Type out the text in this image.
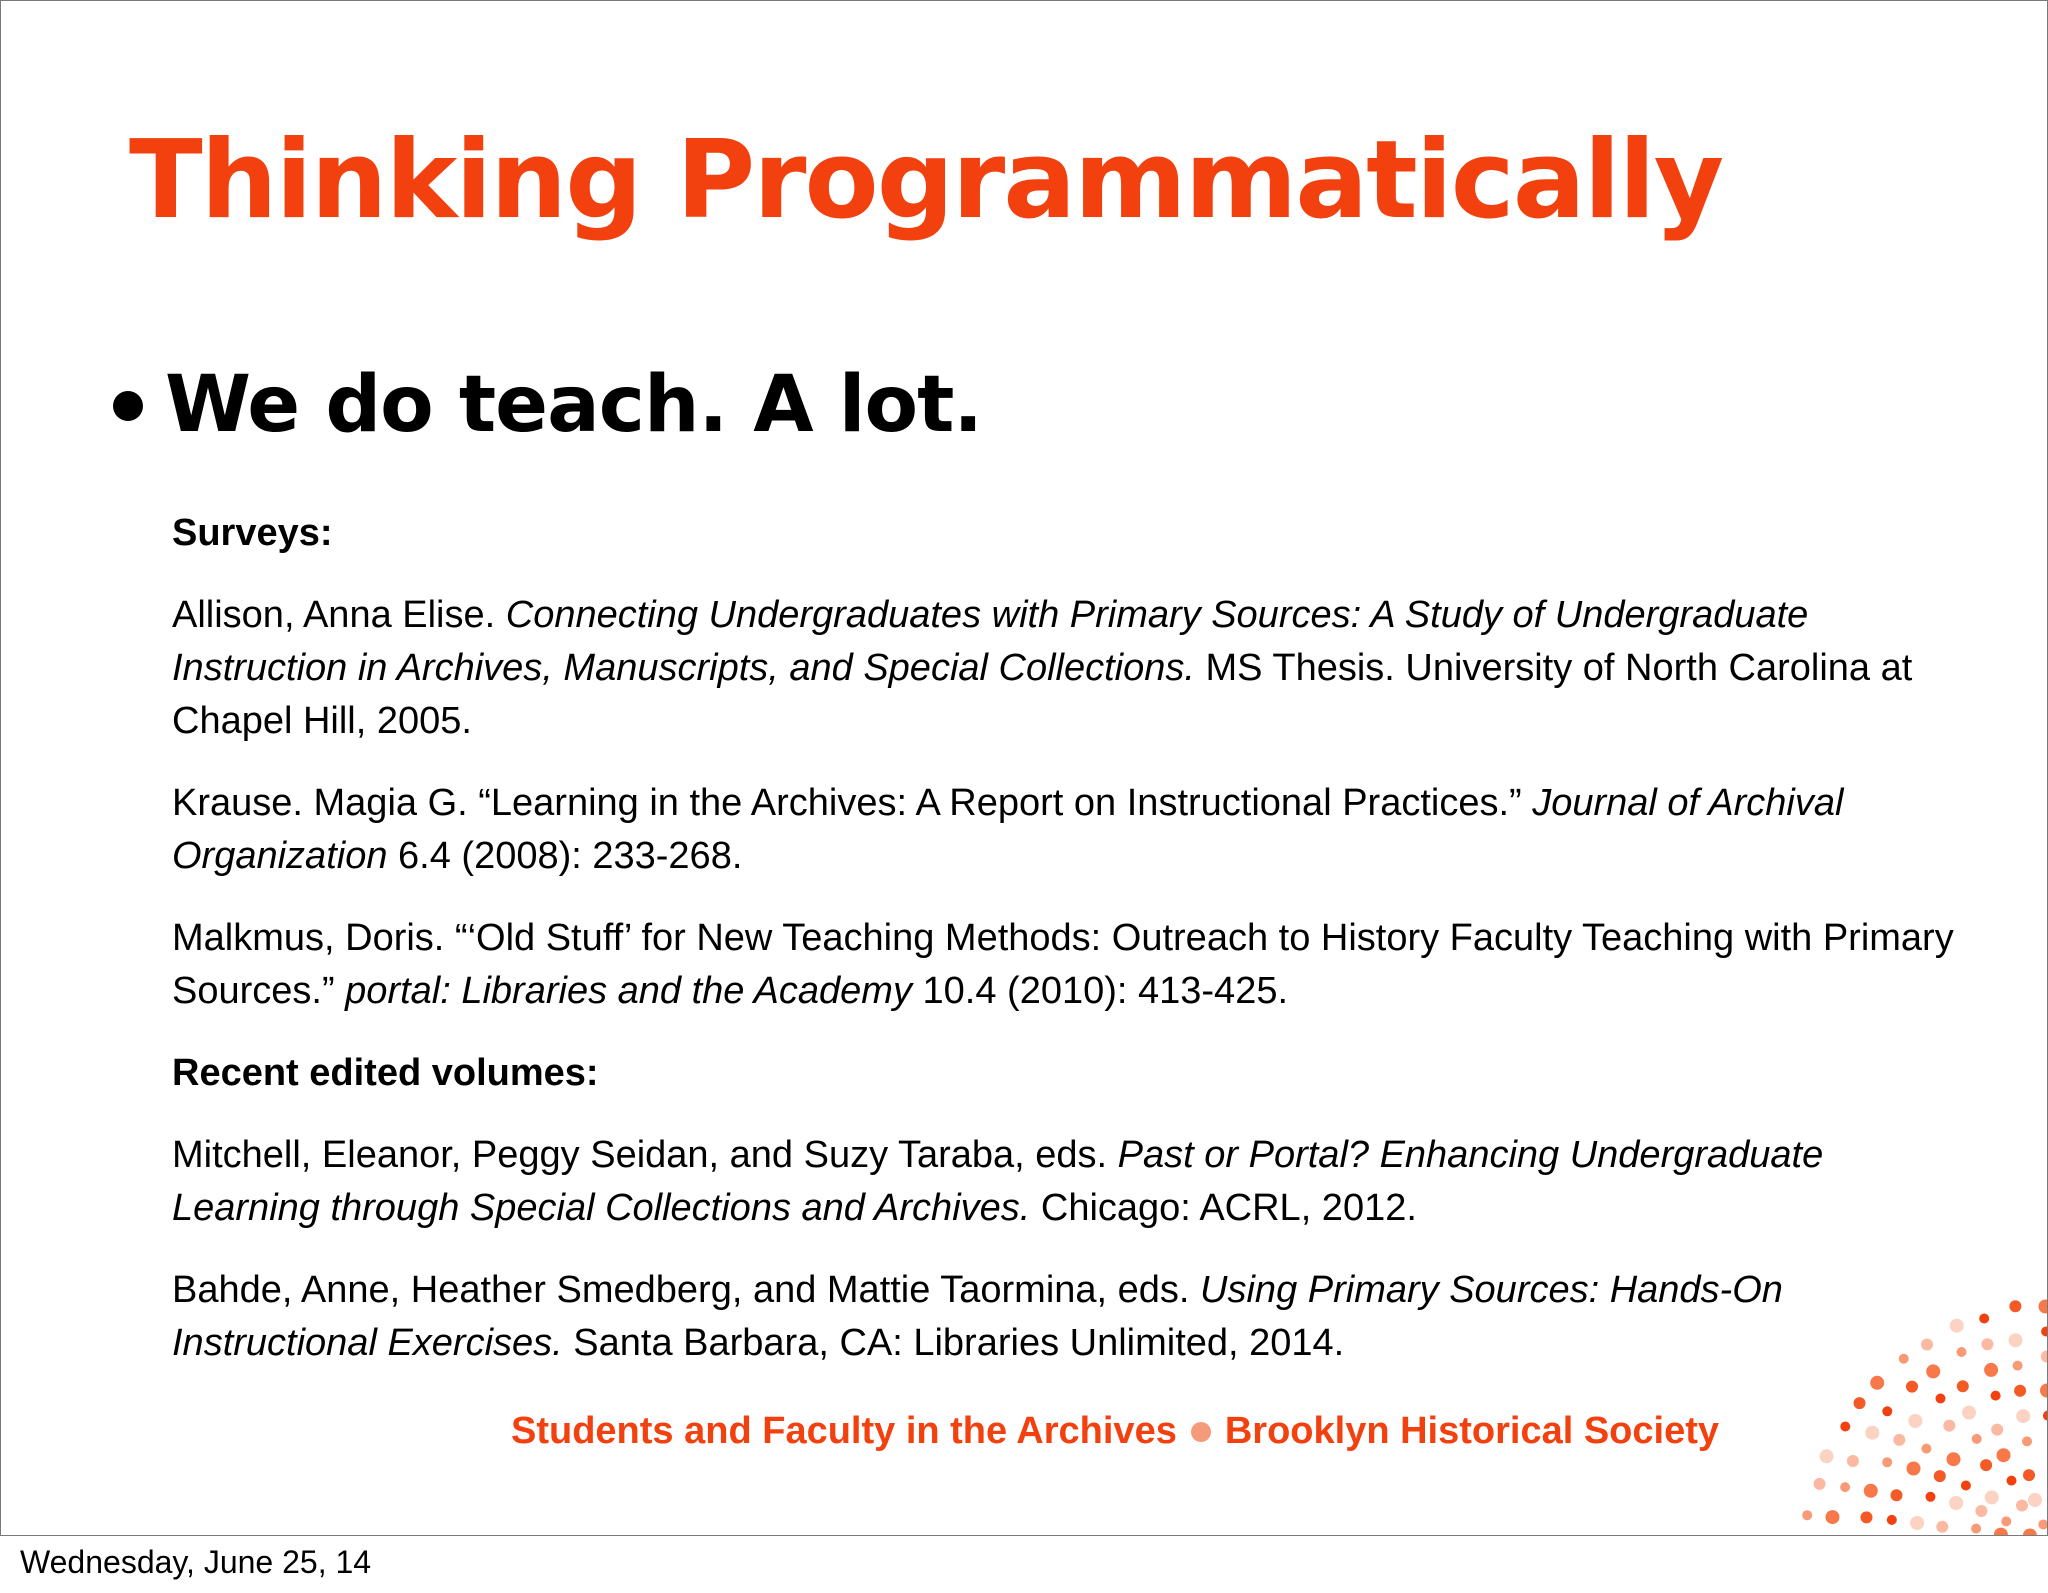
Thinking Programmatically
We do teach. A lot.
Surveys:

Allison, Anna Elise. Connecting Undergraduates with Primary Sources: A Study of Undergraduate Instruction in Archives, Manuscripts, and Special Collections. MS Thesis. University of North Carolina at Chapel Hill, 2005.

Krause. Magia G. “Learning in the Archives: A Report on Instructional Practices.” Journal of Archival Organization 6.4 (2008): 233-268.

Malkmus, Doris. “‘Old Stuff’ for New Teaching Methods: Outreach to History Faculty Teaching with Primary Sources.” portal: Libraries and the Academy 10.4 (2010): 413-425.

Recent edited volumes:

Mitchell, Eleanor, Peggy Seidan, and Suzy Taraba, eds. Past or Portal? Enhancing Undergraduate Learning through Special Collections and Archives. Chicago: ACRL, 2012.

Bahde, Anne, Heather Smedberg, and Mattie Taormina, eds. Using Primary Sources: Hands-On Instructional Exercises. Santa Barbara, CA: Libraries Unlimited, 2014.

Students and Faculty in the Archives Brooklyn Historical Society
Wednesday, June 25, 14
